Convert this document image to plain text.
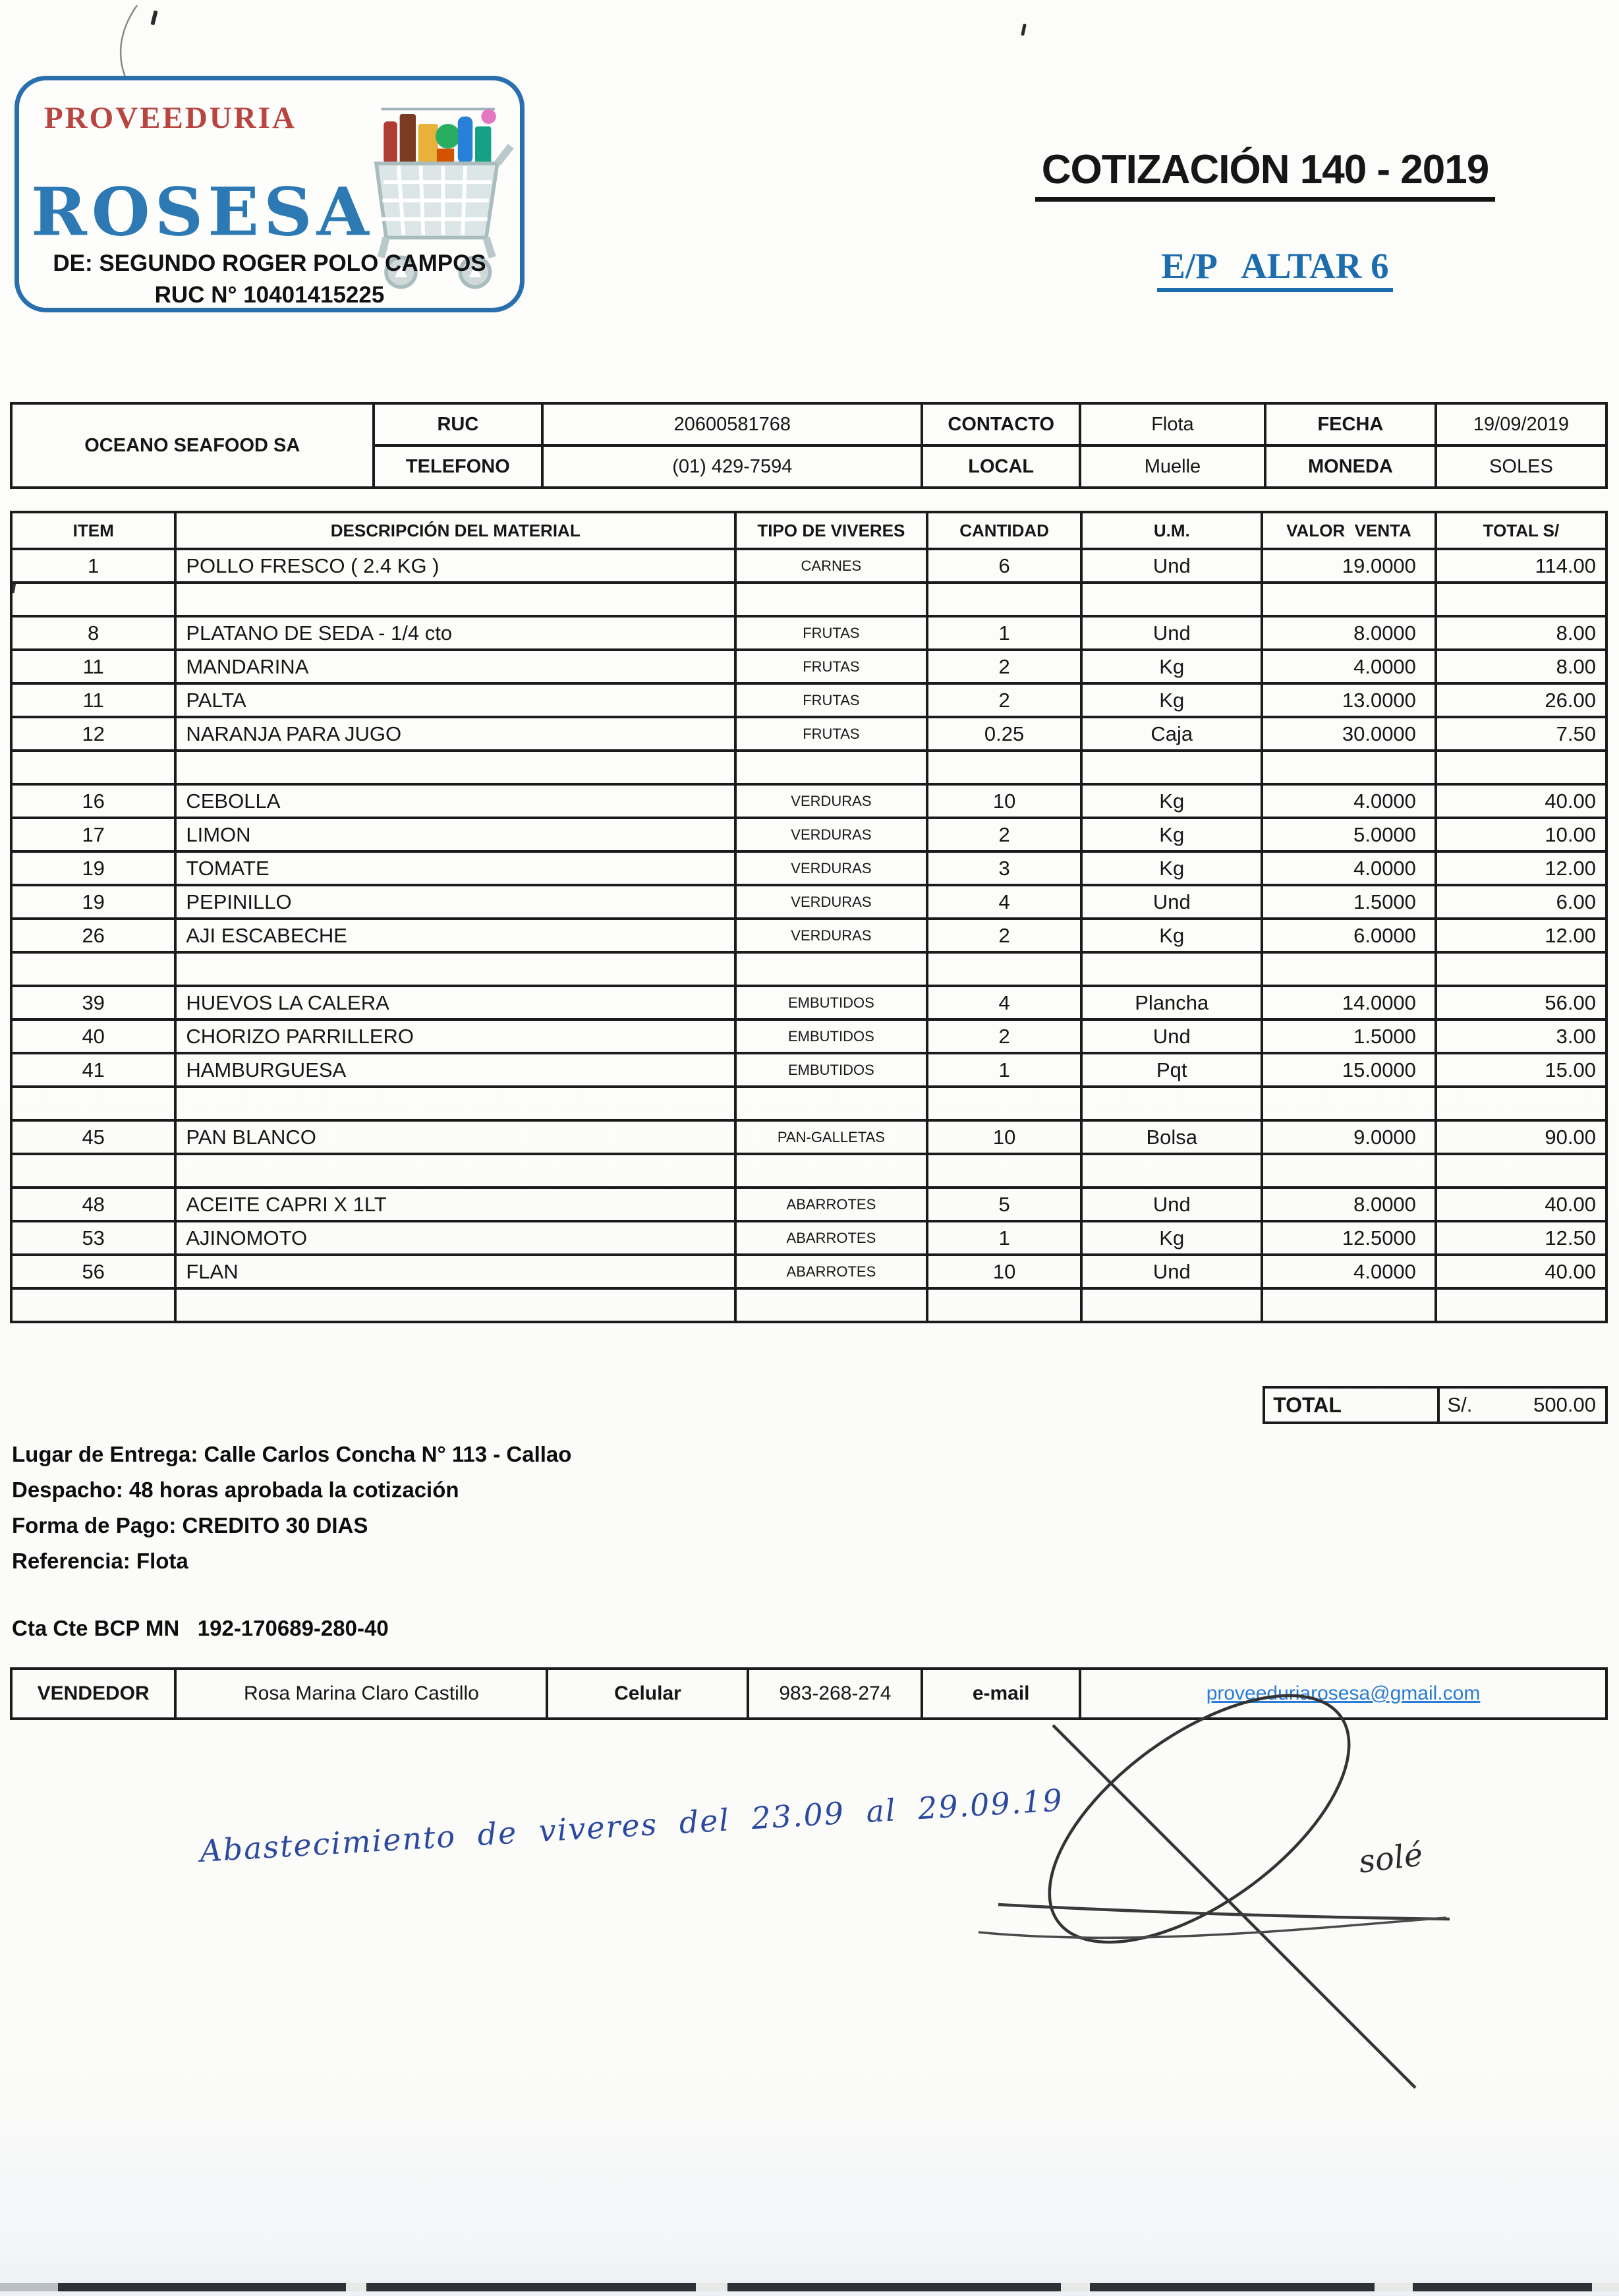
PROVEEDURIA
ROSESA
DE: SEGUNDO ROGER POLO CAMPOS
RUC N° 10401415225
COTIZACIÓN 140 - 2019
E/P   ALTAR 6
OCEANO SEAFOOD SA	RUC	20600581768	CONTACTO	Flota	FECHA	19/09/2019
	TELEFONO	(01) 429-7594	LOCAL	Muelle	MONEDA	SOLES
ITEM	DESCRIPCIÓN DEL MATERIAL	TIPO DE VIVERES	CANTIDAD	U.M.	VALOR  VENTA	TOTAL S/
1	POLLO FRESCO ( 2.4 KG )	CARNES	6	Und	19.0000	114.00

8	PLATANO DE SEDA - 1/4 cto	FRUTAS	1	Und	8.0000	8.00
11	MANDARINA	FRUTAS	2	Kg	4.0000	8.00
11	PALTA	FRUTAS	2	Kg	13.0000	26.00
12	NARANJA PARA JUGO	FRUTAS	0.25	Caja	30.0000	7.50

16	CEBOLLA	VERDURAS	10	Kg	4.0000	40.00
17	LIMON	VERDURAS	2	Kg	5.0000	10.00
19	TOMATE	VERDURAS	3	Kg	4.0000	12.00
19	PEPINILLO	VERDURAS	4	Und	1.5000	6.00
26	AJI ESCABECHE	VERDURAS	2	Kg	6.0000	12.00

39	HUEVOS LA CALERA	EMBUTIDOS	4	Plancha	14.0000	56.00
40	CHORIZO PARRILLERO	EMBUTIDOS	2	Und	1.5000	3.00
41	HAMBURGUESA	EMBUTIDOS	1	Pqt	15.0000	15.00

45	PAN BLANCO	PAN-GALLETAS	10	Bolsa	9.0000	90.00

48	ACEITE CAPRI X 1LT	ABARROTES	5	Und	8.0000	40.00
53	AJINOMOTO	ABARROTES	1	Kg	12.5000	12.50
56	FLAN	ABARROTES	10	Und	4.0000	40.00

TOTAL	S/.	500.00
Lugar de Entrega: Calle Carlos Concha N° 113 - Callao
Despacho: 48 horas aprobada la cotización
Forma de Pago: CREDITO 30 DIAS
Referencia: Flota
Cta Cte BCP MN   192-170689-280-40
VENDEDOR	Rosa Marina Claro Castillo	Celular	983-268-274	e-mail	proveeduriarosesa@gmail.com
Abastecimiento de viveres del 23.09 al 29.09.19	solé
